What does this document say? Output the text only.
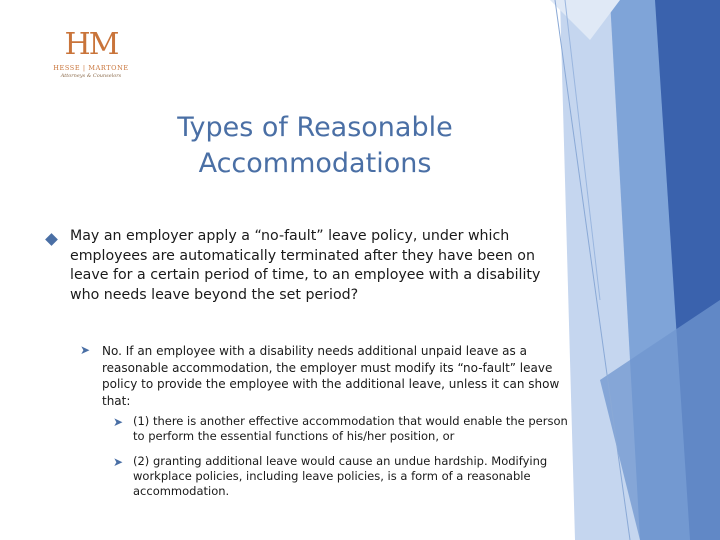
HM
HESSE | MARTONE
Attorneys & Counselors
Types of Reasonable Accommodations
May an employer apply a “no-fault” leave policy, under which employees are automatically terminated after they have been on leave for a certain period of time, to an employee with a disability who needs leave beyond the set period?
➤ No. If an employee with a disability needs additional unpaid leave as a reasonable accommodation, the employer must modify its “no-fault” leave policy to provide the employee with the additional leave, unless it can show that:
➤ (1) there is another effective accommodation that would enable the person to perform the essential functions of his/her position, or
➤ (2) granting additional leave would cause an undue hardship. Modifying workplace policies, including leave policies, is a form of a reasonable accommodation.
